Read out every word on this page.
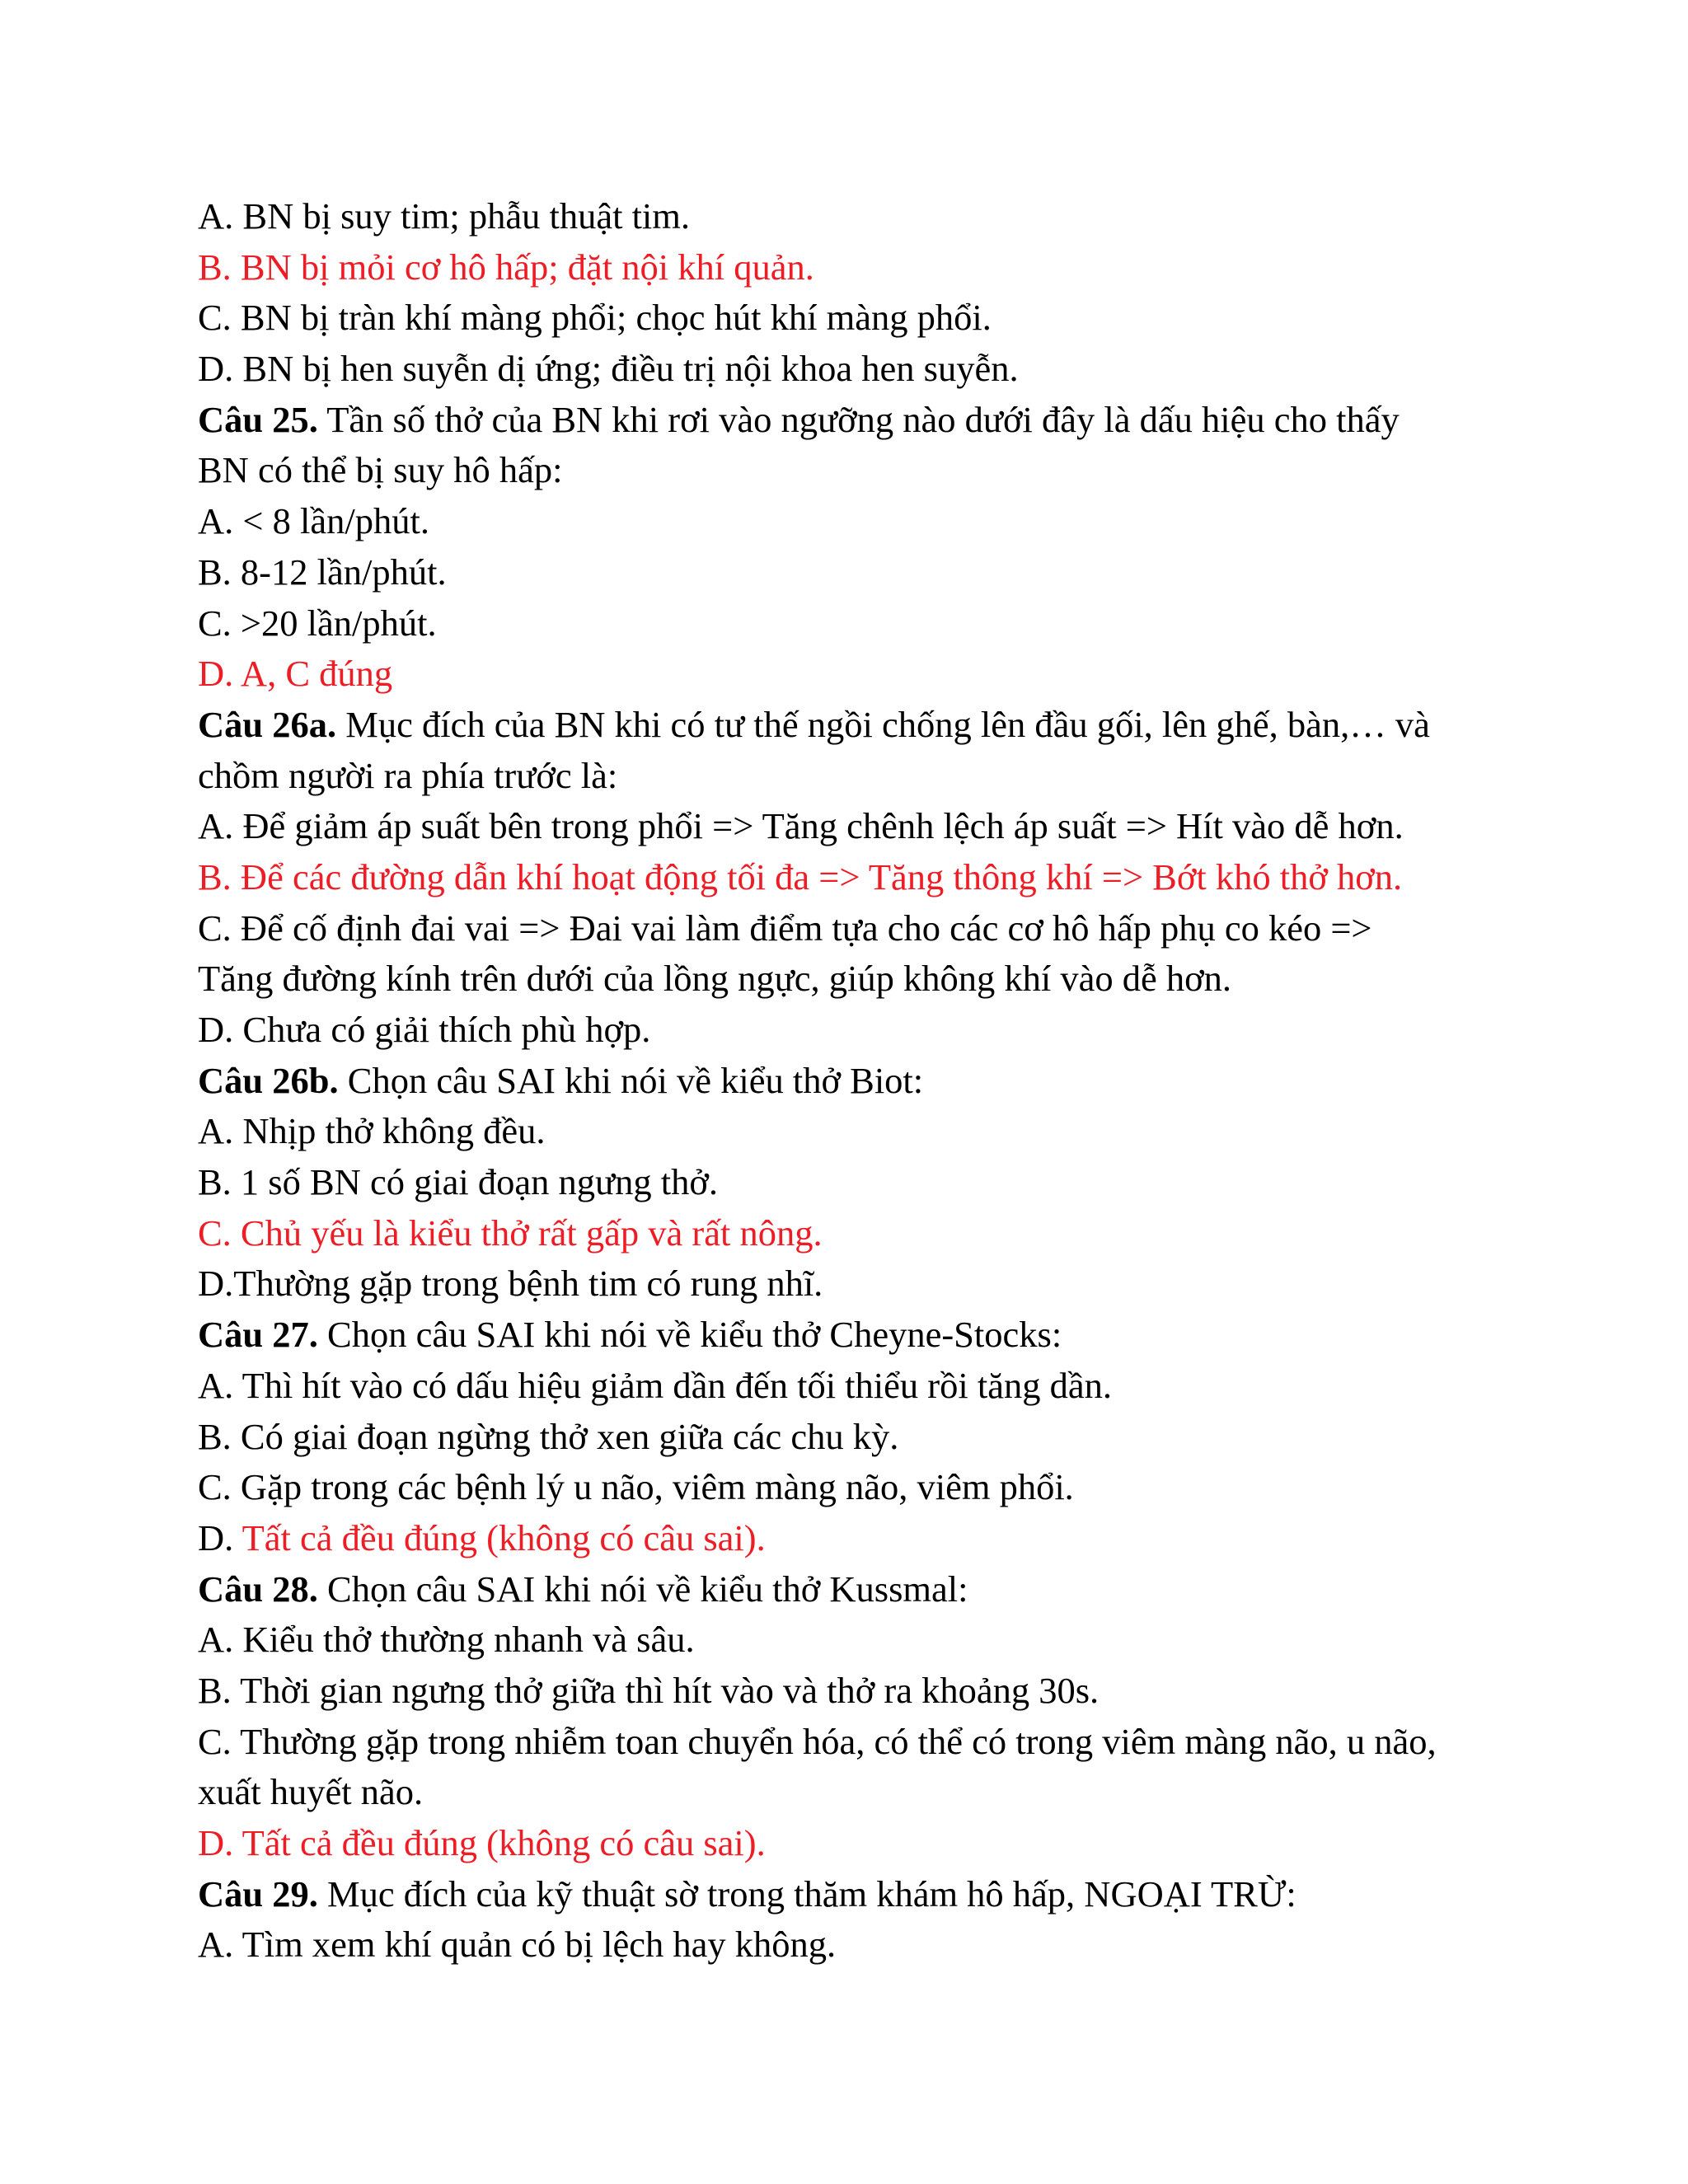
A. BN bị suy tim; phẫu thuật tim.
B. BN bị mỏi cơ hô hấp; đặt nội khí quản.
C. BN bị tràn khí màng phổi; chọc hút khí màng phổi.
D. BN bị hen suyễn dị ứng; điều trị nội khoa hen suyễn.
Câu 25. Tần số thở của BN khi rơi vào ngưỡng nào dưới đây là dấu hiệu cho thấy
BN có thể bị suy hô hấp:
A. < 8 lần/phút.
B. 8-12 lần/phút.
C. >20 lần/phút.
D. A, C đúng
Câu 26a. Mục đích của BN khi có tư thế ngồi chống lên đầu gối, lên ghế, bàn,… và
chồm người ra phía trước là:
A. Để giảm áp suất bên trong phổi => Tăng chênh lệch áp suất => Hít vào dễ hơn.
B. Để các đường dẫn khí hoạt động tối đa => Tăng thông khí => Bớt khó thở hơn.
C. Để cố định đai vai => Đai vai làm điểm tựa cho các cơ hô hấp phụ co kéo =>
Tăng đường kính trên dưới của lồng ngực, giúp không khí vào dễ hơn.
D. Chưa có giải thích phù hợp.
Câu 26b. Chọn câu SAI khi nói về kiểu thở Biot:
A. Nhịp thở không đều.
B. 1 số BN có giai đoạn ngưng thở.
C. Chủ yếu là kiểu thở rất gấp và rất nông.
D.Thường gặp trong bệnh tim có rung nhĩ.
Câu 27. Chọn câu SAI khi nói về kiểu thở Cheyne-Stocks:
A. Thì hít vào có dấu hiệu giảm dần đến tối thiểu rồi tăng dần.
B. Có giai đoạn ngừng thở xen giữa các chu kỳ.
C. Gặp trong các bệnh lý u não, viêm màng não, viêm phổi.
D. Tất cả đều đúng (không có câu sai).
Câu 28. Chọn câu SAI khi nói về kiểu thở Kussmal:
A. Kiểu thở thường nhanh và sâu.
B. Thời gian ngưng thở giữa thì hít vào và thở ra khoảng 30s.
C. Thường gặp trong nhiễm toan chuyển hóa, có thể có trong viêm màng não, u não,
xuất huyết não.
D. Tất cả đều đúng (không có câu sai).
Câu 29. Mục đích của kỹ thuật sờ trong thăm khám hô hấp, NGOẠI TRỪ:
A. Tìm xem khí quản có bị lệch hay không.
